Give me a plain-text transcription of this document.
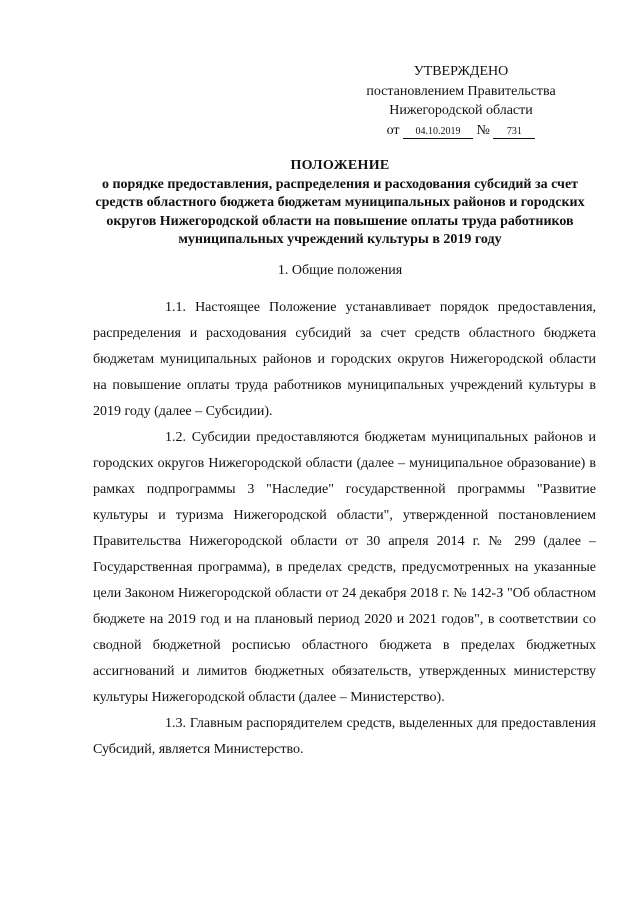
УТВЕРЖДЕНО
постановлением Правительства
Нижегородской области
от 04.10.2019 № 731
ПОЛОЖЕНИЕ
о порядке предоставления, распределения и расходования субсидий за счет средств областного бюджета бюджетам муниципальных районов и городских округов Нижегородской области на повышение оплаты труда работников муниципальных учреждений культуры в 2019 году
1. Общие положения

1.1. Настоящее Положение устанавливает порядок предоставления, распределения и расходования субсидий за счет средств областного бюджета бюджетам муниципальных районов и городских округов Нижегородской области на повышение оплаты труда работников муниципальных учреждений культуры в 2019 году (далее – Субсидии).

1.2. Субсидии предоставляются бюджетам муниципальных районов и городских округов Нижегородской области (далее – муниципальное образование) в рамках подпрограммы 3 "Наследие" государственной программы "Развитие культуры и туризма Нижегородской области", утвержденной постановлением Правительства Нижегородской области от 30 апреля 2014 г. № 299 (далее – Государственная программа), в пределах средств, предусмотренных на указанные цели Законом Нижегородской области от 24 декабря 2018 г. № 142-З "Об областном бюджете на 2019 год и на плановый период 2020 и 2021 годов", в соответствии со сводной бюджетной росписью областного бюджета в пределах бюджетных ассигнований и лимитов бюджетных обязательств, утвержденных министерству культуры Нижегородской области (далее – Министерство).

1.3. Главным распорядителем средств, выделенных для предоставления Субсидий, является Министерство.
